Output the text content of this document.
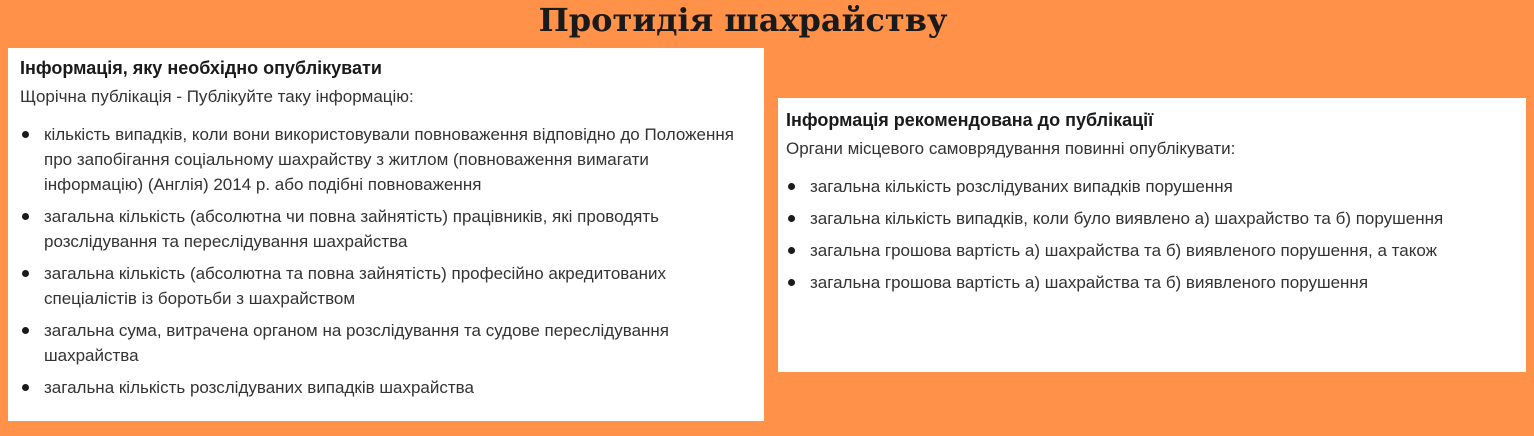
Протидія шахрайству
Інформація, яку необхідно опублікувати

Щорічна публікація - Публікуйте таку інформацію:

кількість випадків, коли вони використовували повноваження відповідно до Положення про запобігання соціальному шахрайству з житлом (повноваження вимагати інформацію) (Англія) 2014 р. або подібні повноваження
загальна кількість (абсолютна чи повна зайнятість) працівників, які проводять розслідування та переслідування шахрайства
загальна кількість (абсолютна та повна зайнятість) професійно акредитованих спеціалістів із боротьби з шахрайством
загальна сума, витрачена органом на розслідування та судове переслідування шахрайства
загальна кількість розслідуваних випадків шахрайства
Інформація рекомендована до публікації

Органи місцевого самоврядування повинні опублікувати:

загальна кількість розслідуваних випадків порушення
загальна кількість випадків, коли було виявлено а) шахрайство та б) порушення
загальна грошова вартість а) шахрайства та б) виявленого порушення, а також
загальна грошова вартість а) шахрайства та б) виявленого порушення
